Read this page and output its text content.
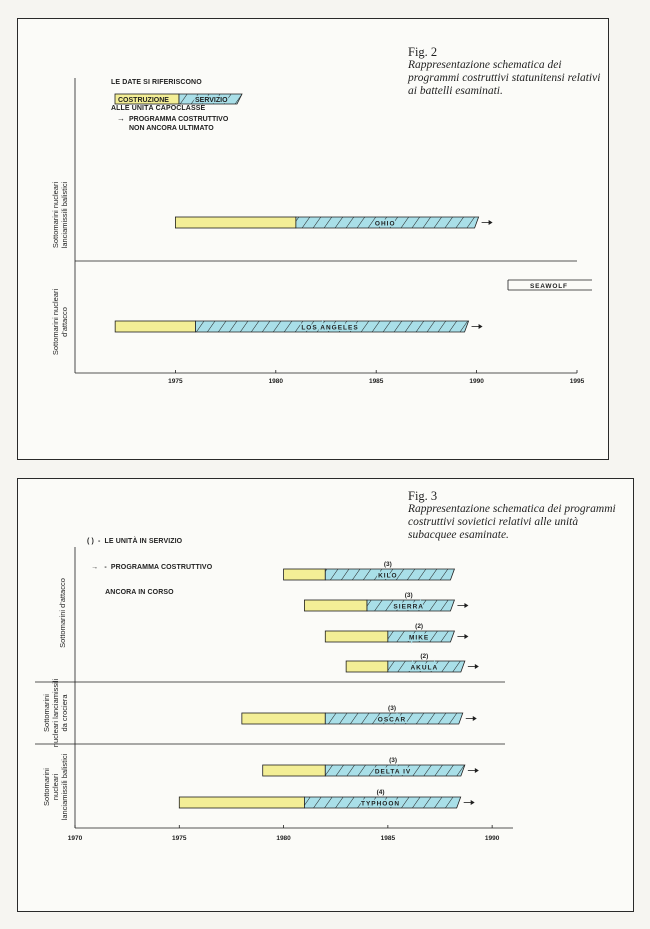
Fig. 2
Rappresentazione schematica dei programmi costruttivi statunitensi relativi ai battelli esaminati.

LE DATE SI RIFERISCONO

ALLE UNITÀ CAPOCLASSE

COSTRUZIONE	SERVIZIO
→ PROGRAMMA COSTRUTTIVO
NON ANCORA ULTIMATO
Sottomarini nucleari lanciamissili balistici
Sottomarini nucleari d'attacco
SEAWOLF
1975	1980	1985	1990	1995
OHIO
LOS ANGELES
Fig. 3
Rappresentazione schematica dei programmi costruttivi sovietici relativi alle unità subacquee esaminate.

( )  -  LE UNITÀ IN SERVIZIO

→   -  PROGRAMMA COSTRUTTIVO

ANCORA IN CORSO

Sottomarini d'attacco
Sottomarini nucleari lanciamissili da crociera
Sottomarini nucleari lanciamissili balistici
1970	1975	1980	1985	1990
KILO
(3)
SIERRA
(3)
MIKE
(2)
AKULA
(2)
OSCAR
(3)
DELTA IV
(3)
TYPHOON
(4)
